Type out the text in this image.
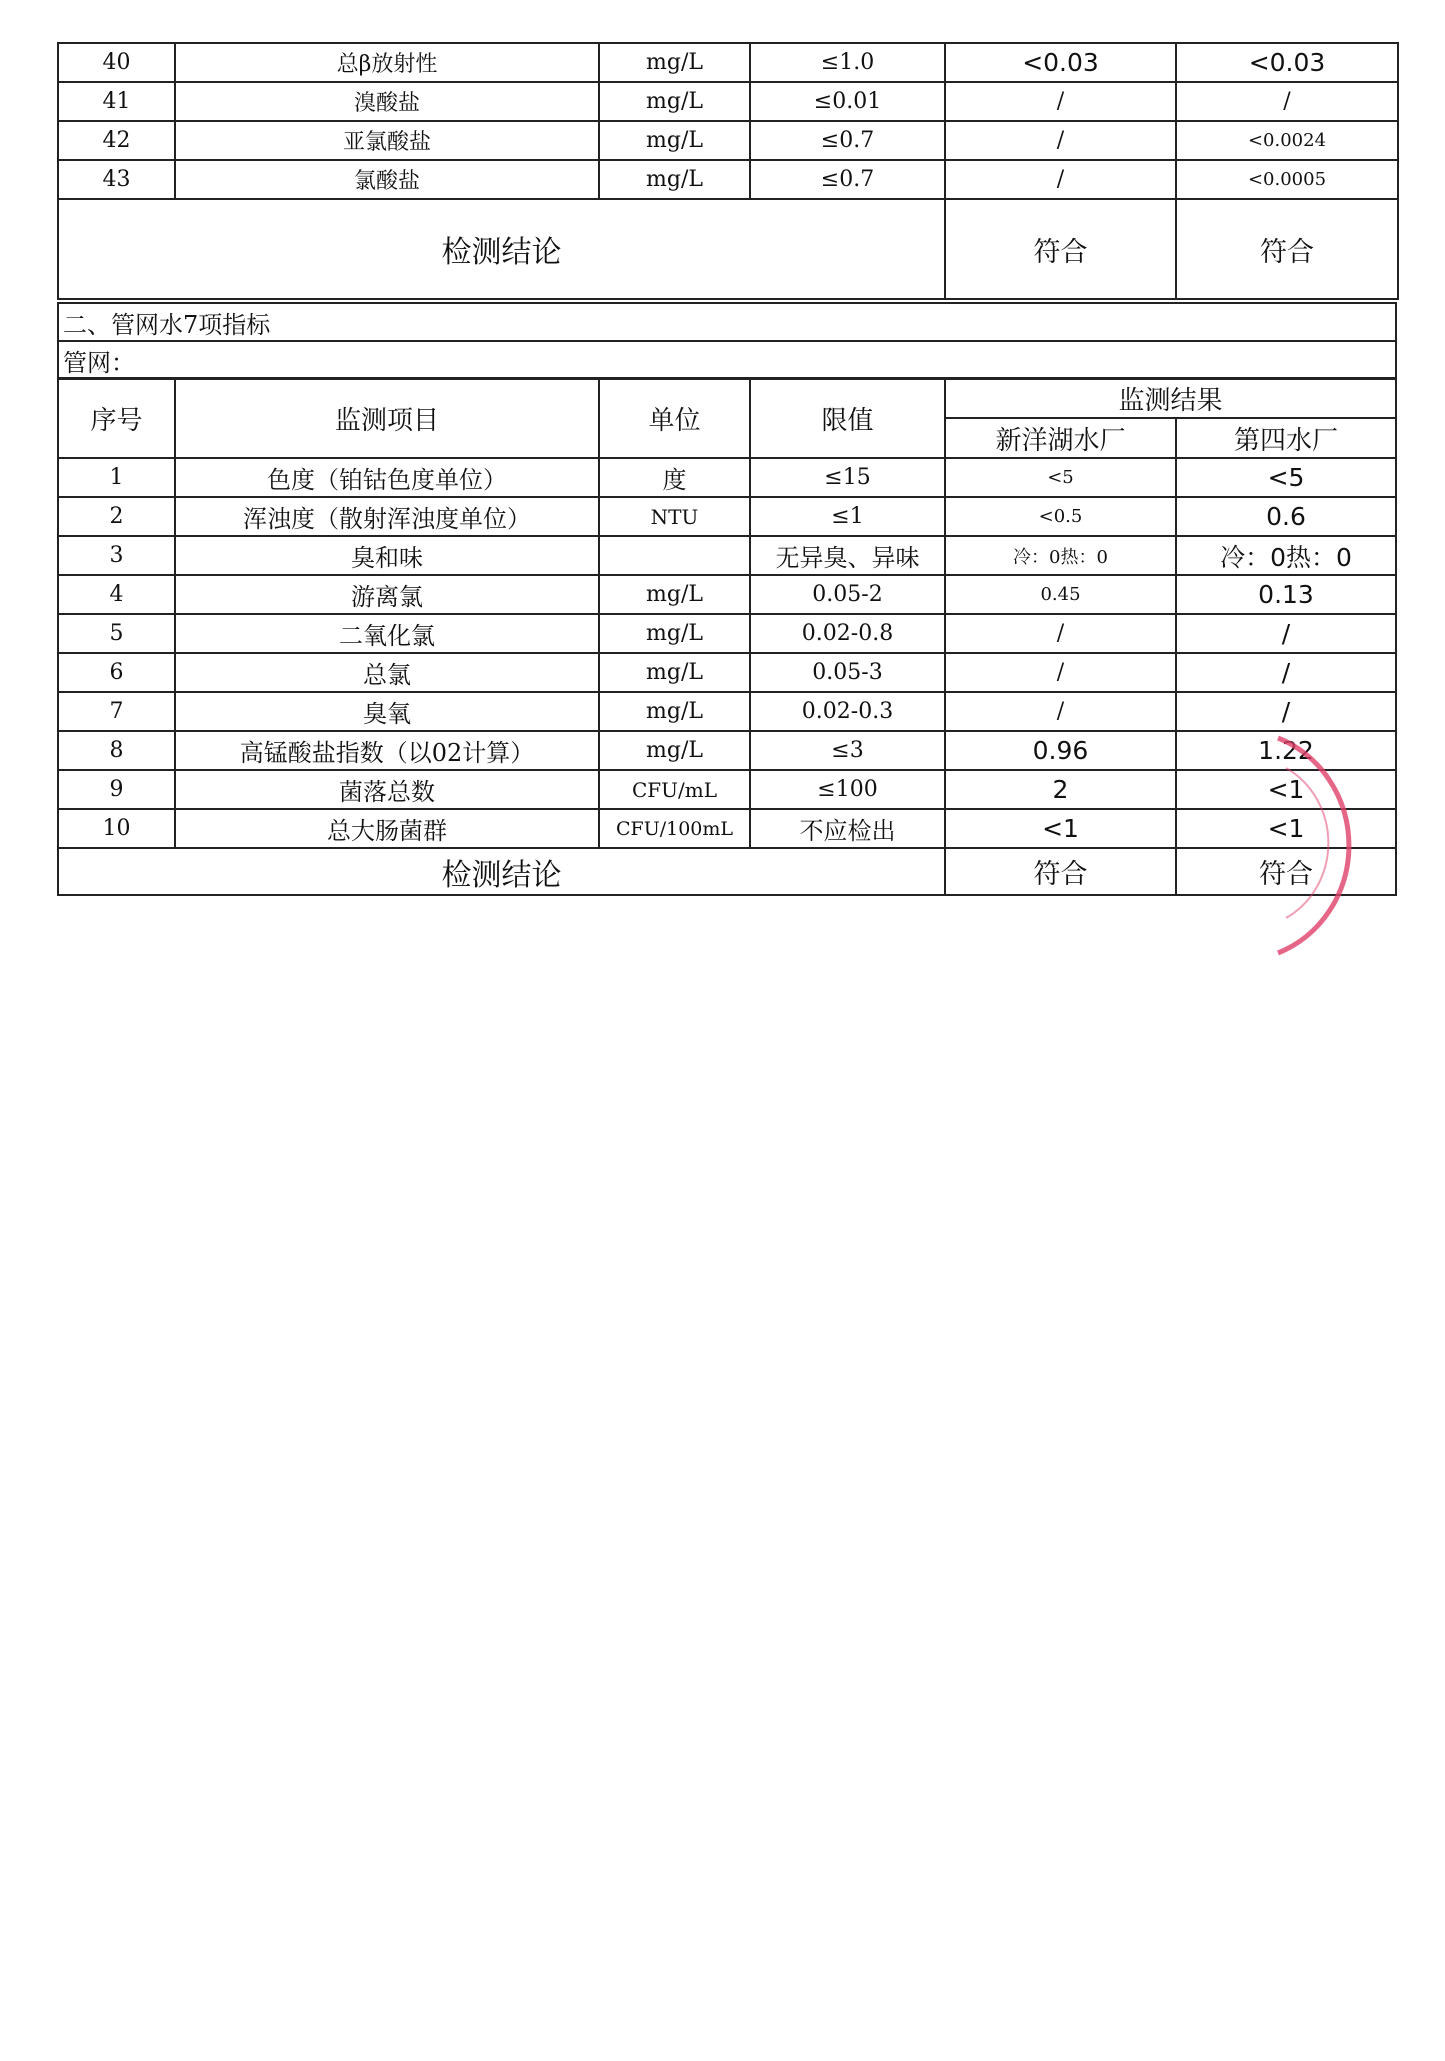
40	总β放射性	mg/L	≤1.0	<0.03	<0.03
41	溴酸盐	mg/L	≤0.01	/	/
42	亚氯酸盐	mg/L	≤0.7	/	<0.0024
43	氯酸盐	mg/L	≤0.7	/	<0.0005
检测结论				符合	符合
二、管网水7项指标
管网：
序号	监测项目	单位	限值	监测结果	
				新洋湖水厂	第四水厂
1	色度（铂钴色度单位）	度	≤15	<5	<5
2	浑浊度（散射浑浊度单位）	NTU	≤1	<0.5	0.6
3	臭和味		无异臭、异味	冷：0热：0	冷：0热：0
4	游离氯	mg/L	0.05-2	0.45	0.13
5	二氧化氯	mg/L	0.02-0.8	/	/
6	总氯	mg/L	0.05-3	/	/
7	臭氧	mg/L	0.02-0.3	/	/
8	高锰酸盐指数（以02计算）	mg/L	≤3	0.96	1.22
9	菌落总数	CFU/mL	≤100	2	<1
10	总大肠菌群	CFU/100mL	不应检出	<1	<1
检测结论				符合	符合
